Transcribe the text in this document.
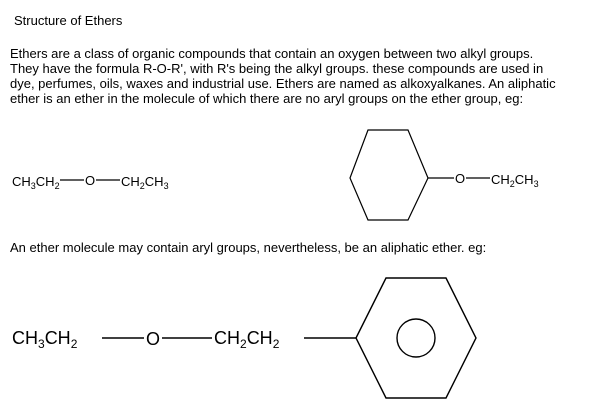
Structure of Ethers
Ethers are a class of organic compounds that contain an oxygen between two alkyl groups.
They have the formula R-O-R', with R's being the alkyl groups. these compounds are used in
dye, perfumes, oils, waxes and industrial use. Ethers are named as alkoxyalkanes. An aliphatic
ether is an ether in the molecule of which there are no aryl groups on the ether group, eg:
$CH_3CH_2$ O $CH_2CH_3$	O $CH_2CH_3$
An ether molecule may contain aryl groups, nevertheless, be an aliphatic ether. eg:
$CH_3CH_2$	O	$CH_2CH_2$
